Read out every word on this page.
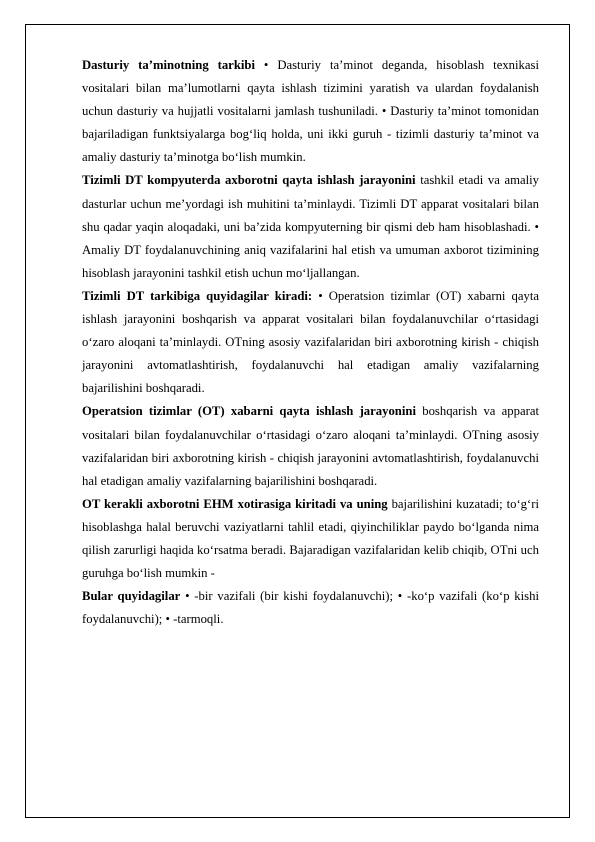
Dasturiy ta’minotning tarkibi • Dasturiy ta’minot deganda, hisoblash texnikasi vositalari bilan ma’lumotlarni qayta ishlash tizimini yaratish va ulardan foydalanish uchun dasturiy va hujjatli vositalarni jamlash tushuniladi. • Dasturiy ta’minot tomonidan bajariladigan funktsiyalarga bog‘liq holda, uni ikki guruh - tizimli dasturiy ta’minot va amaliy dasturiy ta’minotga bo‘lish mumkin.

Tizimli DT kompyuterda axborotni qayta ishlash jarayonini tashkil etadi va amaliy dasturlar uchun me’yordagi ish muhitini ta’minlaydi. Tizimli DT apparat vositalari bilan shu qadar yaqin aloqadaki, uni ba’zida kompyuterning bir qismi deb ham hisoblashadi. • Amaliy DT foydalanuvchining aniq vazifalarini hal etish va umuman axborot tizimining hisoblash jarayonini tashkil etish uchun mo‘ljallangan.

Tizimli DT tarkibiga quyidagilar kiradi: • Operatsion tizimlar (OT) xabarni qayta ishlash jarayonini boshqarish va apparat vositalari bilan foydalanuvchilar o‘rtasidagi o‘zaro aloqani ta’minlaydi. OTning asosiy vazifalaridan biri axborotning kirish - chiqish jarayonini avtomatlashtirish, foydalanuvchi hal etadigan amaliy vazifalarning bajarilishini boshqaradi.

Operatsion tizimlar (OT) xabarni qayta ishlash jarayonini boshqarish va apparat vositalari bilan foydalanuvchilar o‘rtasidagi o‘zaro aloqani ta’minlaydi. OTning asosiy vazifalaridan biri axborotning kirish - chiqish jarayonini avtomatlashtirish, foydalanuvchi hal etadigan amaliy vazifalarning bajarilishini boshqaradi.

OT kerakli axborotni EHM xotirasiga kiritadi va uning bajarilishini kuzatadi; to‘g‘ri hisoblashga halal beruvchi vaziyatlarni tahlil etadi, qiyinchiliklar paydo bo‘lganda nima qilish zarurligi haqida ko‘rsatma beradi. Bajaradigan vazifalaridan kelib chiqib, OTni uch guruhga bo‘lish mumkin -

Bular quyidagilar • -bir vazifali (bir kishi foydalanuvchi); • -ko‘p vazifali (ko‘p kishi foydalanuvchi); • -tarmoqli.
